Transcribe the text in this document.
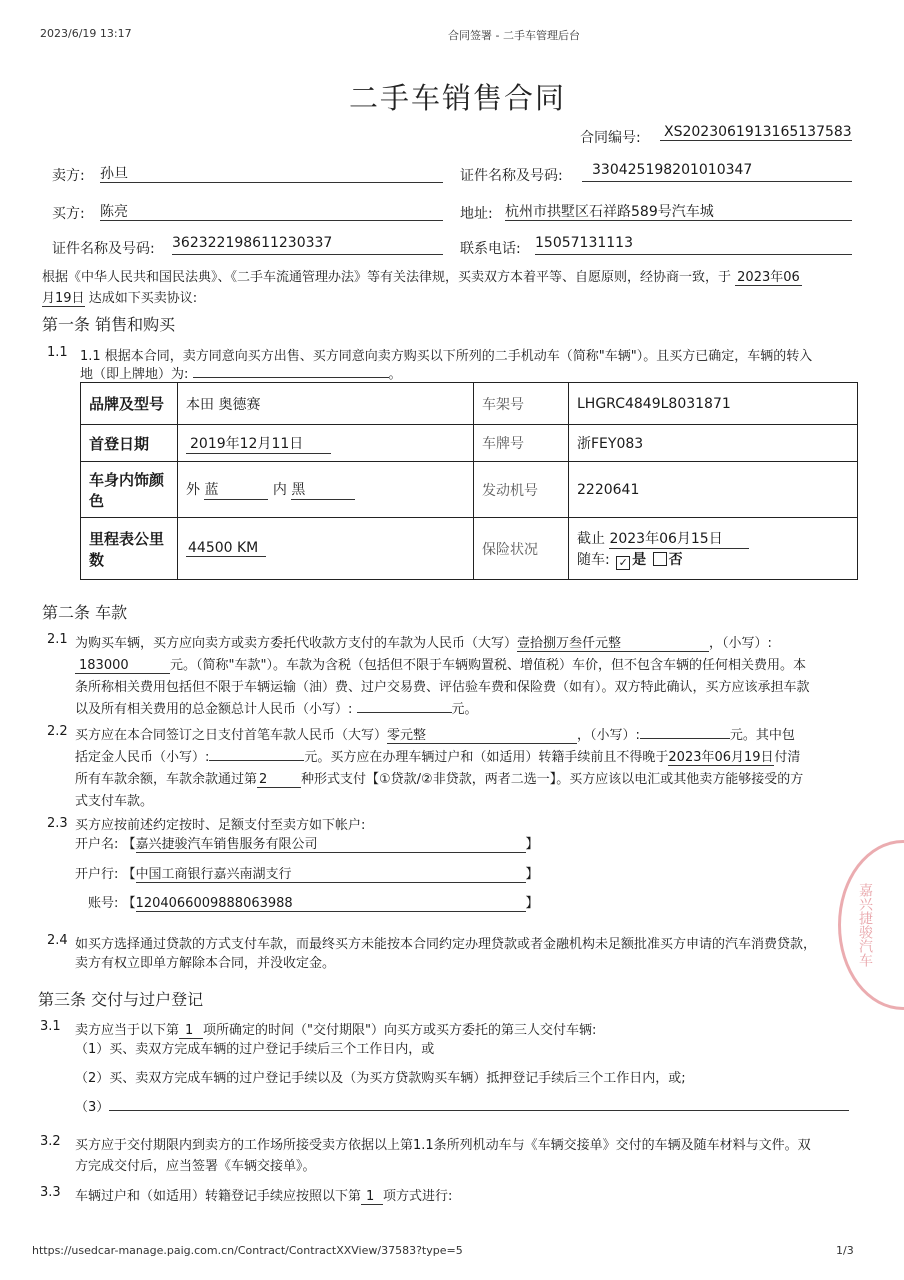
2023/6/19 13:17	合同签署 - 二手车管理后台
二手车销售合同
合同编号: XS2023061913165137583
卖方: 孙旦	证件名称及号码:	330425198201010347
买方: 陈亮	地址: 杭州市拱墅区石祥路589号汽车城
证件名称及号码: 362322198611230337	联系电话: 15057131113
根据《中华人民共和国民法典》、《二手车流通管理办法》等有关法律规，买卖双方本着平等、自愿原则，经协商一致，于 2023年06
月19日 达成如下买卖协议:
第一条 销售和购买
1.1 1.1 根据本合同，卖方同意向买方出售、买方同意向卖方购买以下所列的二手机动车（简称"车辆"）。且买方已确定，车辆的转入
地（即上牌地）为:	。
品牌及型号	本田 奥德赛	车架号	LHGRC4849L8031871
首登日期	2019年12月11日	车牌号	浙FEY083
车身内饰颜色	外 蓝 内 黑	发动机号	2220641
里程表公里数	44500 KM	保险状况	截止 2023年06月15日
随车: ✓ 是 否
第二条 车款
2.1 为购买车辆，买方应向卖方或卖方委托代收款方支付的车款为人民币（大写）壹拾捌万叁仟元整	，（小写）:
183000	元。（简称"车款"）。车款为含税（包括但不限于车辆购置税、增值税）车价，但不包含车辆的任何相关费用。本
条所称相关费用包括但不限于车辆运输（油）费、过户交易费、评估验车费和保险费（如有）。双方特此确认，买方应该承担车款
以及所有相关费用的总金额总计人民币（小写）:	元。
2.2 买方应在本合同签订之日支付首笔车款人民币（大写）零元整	，（小写）:	元。其中包
括定金人民币（小写）:	元。买方应在办理车辆过户和（如适用）转籍手续前且不得晚于2023年06月19日付清
所有车款余额，车款余款通过第 2	种形式支付【①贷款/②非贷款，两者二选一】。买方应该以电汇或其他卖方能够接受的方
式支付车款。
2.3 买方应按前述约定按时、足额支付至卖方如下帐户:
开户名: 【嘉兴捷骏汽车销售服务有限公司	】
开户行: 【中国工商银行嘉兴南湖支行	】
账号: 【1204066009888063988	】
2.4 如买方选择通过贷款的方式支付车款，而最终买方未能按本合同约定办理贷款或者金融机构未足额批准买方申请的汽车消费贷款，
卖方有权立即单方解除本合同，并没收定金。
第三条 交付与过户登记
3.1 卖方应当于以下第 1 项所确定的时间（"交付期限"）向买方或买方委托的第三人交付车辆:
（1）买、卖双方完成车辆的过户登记手续后三个工作日内，或
（2）买、卖双方完成车辆的过户登记手续以及（为买方贷款购买车辆）抵押登记手续后三个工作日内，或;
（3）
3.2 买方应于交付期限内到卖方的工作场所接受卖方依据以上第1.1条所列机动车与《车辆交接单》交付的车辆及随车材料与文件。双
方完成交付后，应当签署《车辆交接单》。
3.3 车辆过户和（如适用）转籍登记手续应按照以下第 1 项方式进行:
https://usedcar-manage.paig.com.cn/Contract/ContractXXView/37583?type=5	1/3
嘉兴捷骏汽车
